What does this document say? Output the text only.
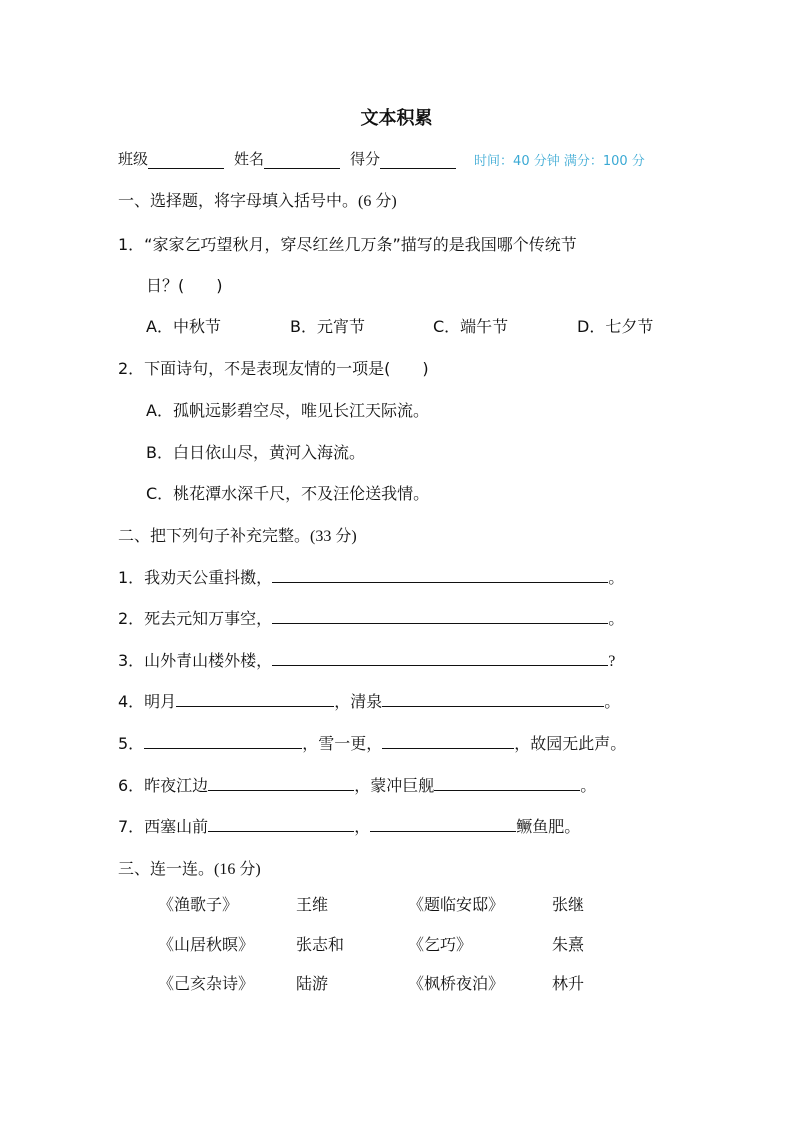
文本积累
班级	姓名	得分	时间：40 分钟 满分：100 分
一、选择题，将字母填入括号中。(6 分)
1．“家家乞巧望秋月，穿尽红丝几万条”描写的是我国哪个传统节
日？(　　)
A．中秋节	B．元宵节	C．端午节	D．七夕节
2．下面诗句，不是表现友情的一项是(　　)
A．孤帆远影碧空尽，唯见长江天际流。
B．白日依山尽，黄河入海流。
C．桃花潭水深千尺，不及汪伦送我情。
二、把下列句子补充完整。(33 分)
1．我劝天公重抖擞，	。
2．死去元知万事空，	。
3．山外青山楼外楼，	?
4．明月	，清泉	。
5．	，雪一更，	，故园无此声。
6．昨夜江边	，蒙冲巨舰	。
7．西塞山前	，	鳜鱼肥。
三、连一连。(16 分)
《渔歌子》	王维	《题临安邸》	张继
《山居秋暝》	张志和	《乞巧》	朱熹
《己亥杂诗》	陆游	《枫桥夜泊》	林升
